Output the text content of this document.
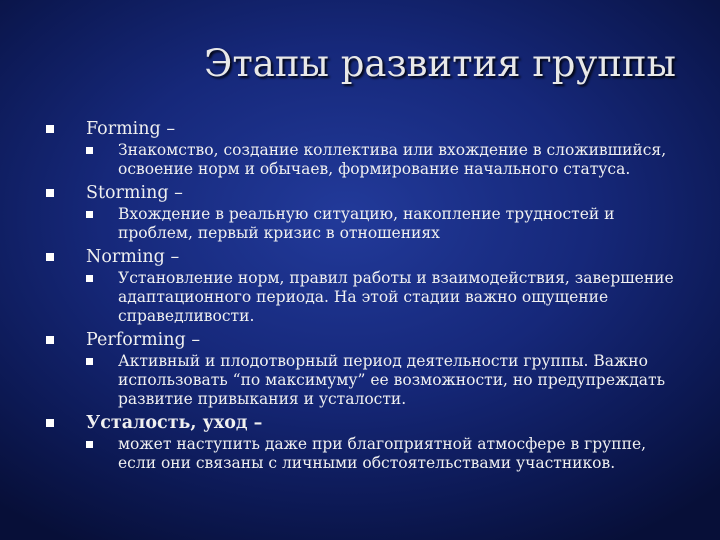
Этапы развития группы
Forming –
Знакомство, создание коллектива или вхождение в сложившийся, освоение норм и обычаев, формирование начального статуса.
Storming –
Вхождение в реальную ситуацию, накопление трудностей и проблем, первый кризис в отношениях
Norming –
Установление норм, правил работы и взаимодействия, завершение адаптационного периода. На этой стадии важно ощущение справедливости.
Performing –
Активный и плодотворный период деятельности группы. Важно использовать “по максимуму” ее возможности, но предупреждать развитие привыкания и усталости.
Усталость, уход –
может наступить даже при благоприятной атмосфере в группе, если они связаны с личными обстоятельствами участников.
